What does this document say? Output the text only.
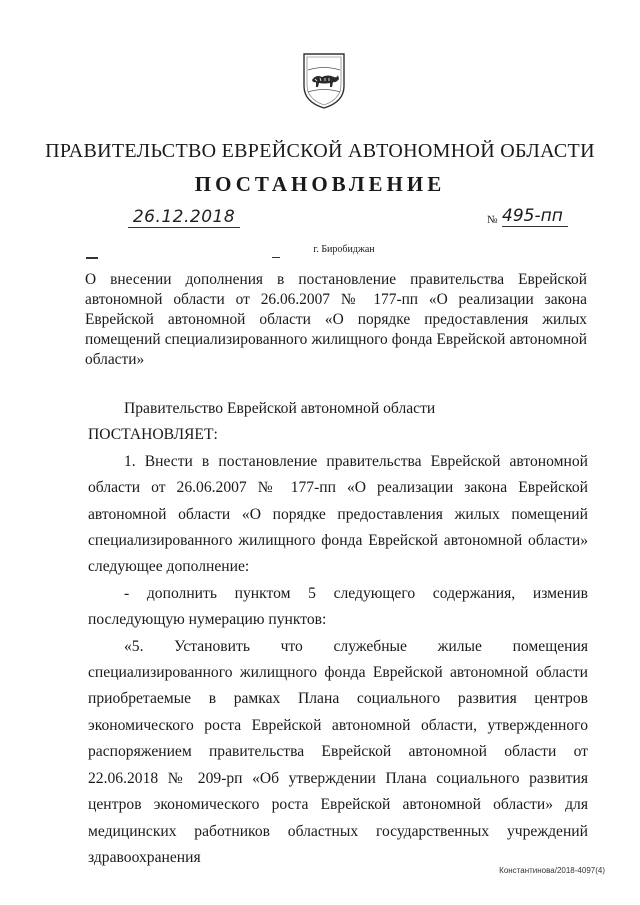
ПРАВИТЕЛЬСТВО ЕВРЕЙСКОЙ АВТОНОМНОЙ ОБЛАСТИ
ПОСТАНОВЛЕНИЕ
26.12.2018	№ 495-пп
г. Биробиджан
О внесении дополнения в постановление правительства Еврейской автономной области от 26.06.2007 № 177-пп «О реализации закона Еврейской автономной области «О порядке предоставления жилых помещений специализированного жилищного фонда Еврейской автономной области»

Правительство Еврейской автономной области

ПОСТАНОВЛЯЕТ:

1. Внести в постановление правительства Еврейской автономной области от 26.06.2007 № 177-пп «О реализации закона Еврейской автономной области «О порядке предоставления жилых помещений специализированного жилищного фонда Еврейской автономной области» следующее дополнение:

- дополнить пунктом 5 следующего содержания, изменив последующую нумерацию пунктов:

«5. Установить что служебные жилые помещения специализированного жилищного фонда Еврейской автономной области приобретаемые в рамках Плана социального развития центров экономического роста Еврейской автономной области, утвержденного распоряжением правительства Еврейской автономной области от 22.06.2018 № 209-рп «Об утверждении Плана социального развития центров экономического роста Еврейской автономной области» для медицинских работников областных государственных учреждений здравоохранения

Константинова/2018-4097(4)
